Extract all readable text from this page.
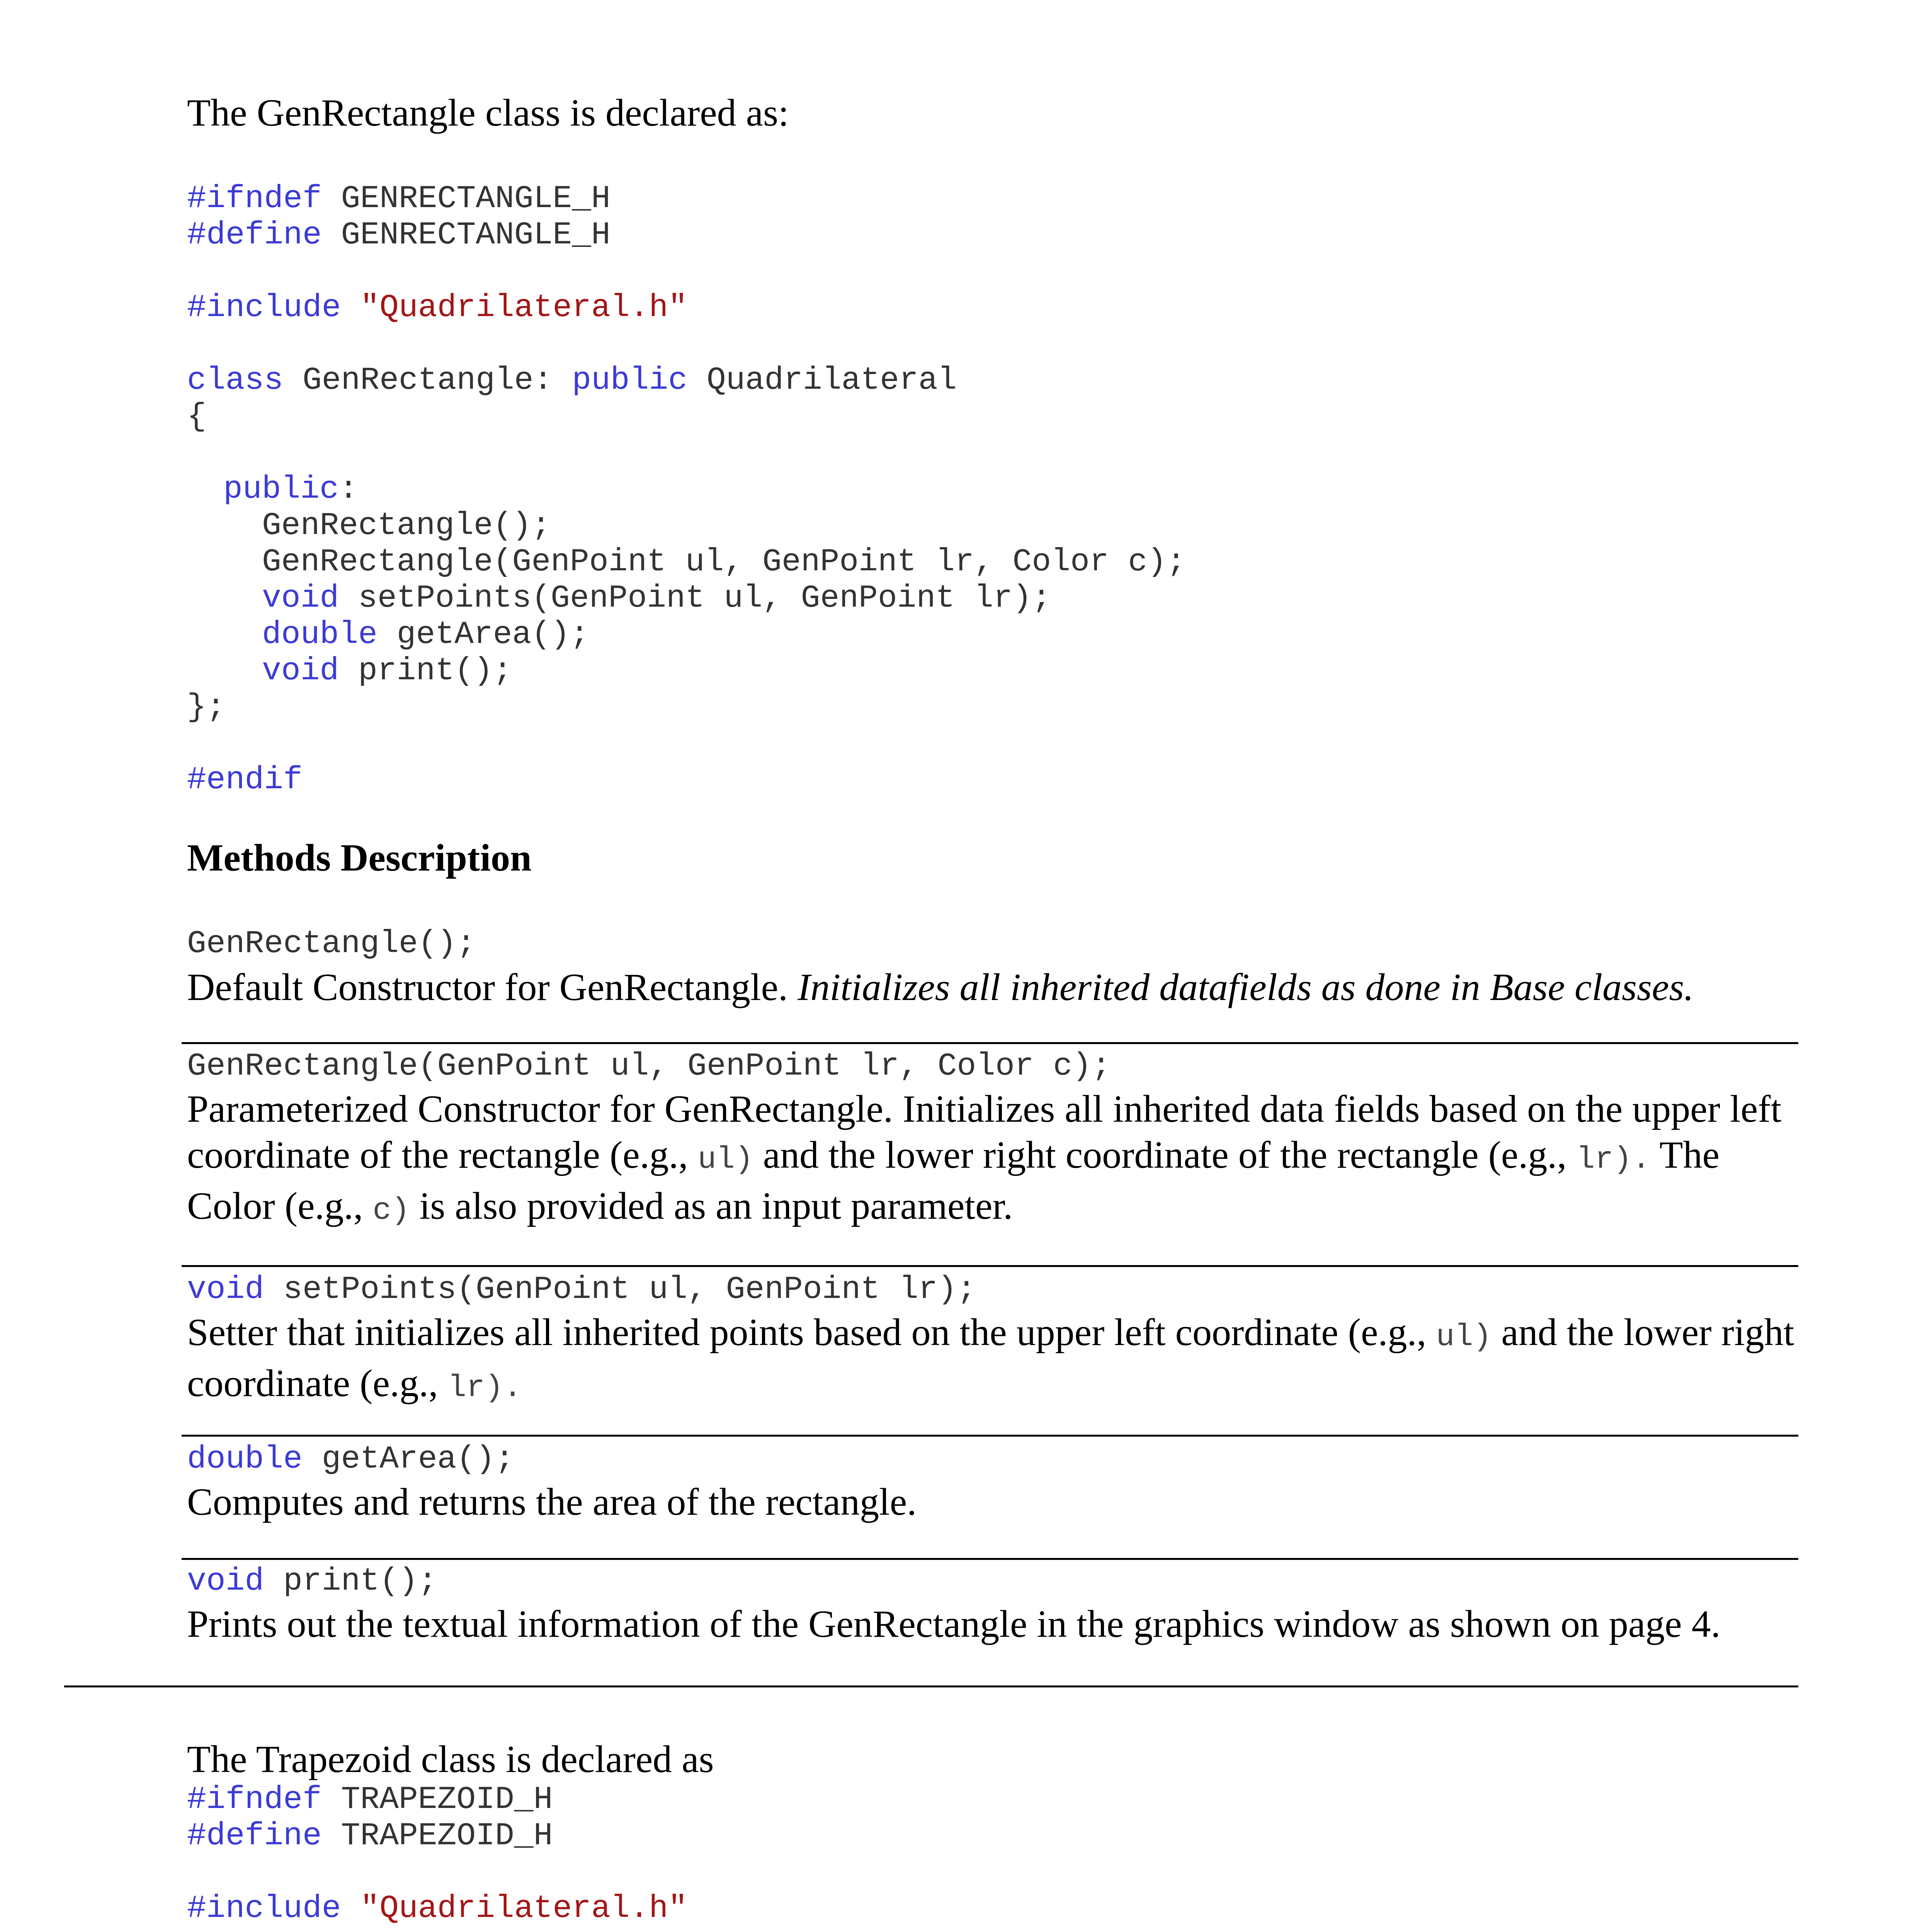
The GenRectangle class is declared as:
#ifndef GENRECTANGLE_H
#define GENRECTANGLE_H
#include "Quadrilateral.h"
class GenRectangle: public Quadrilateral
{
public:
GenRectangle();
GenRectangle(GenPoint ul, GenPoint lr, Color c);
void setPoints(GenPoint ul, GenPoint lr);
double getArea();
void print();
};
#endif
Methods Description
GenRectangle();
Default Constructor for GenRectangle. Initializes all inherited datafields as done in Base classes.
GenRectangle(GenPoint ul, GenPoint lr, Color c);
Parameterized Constructor for GenRectangle. Initializes all inherited data fields based on the upper left coordinate of the rectangle (e.g., ul) and the lower right coordinate of the rectangle (e.g., lr). The Color (e.g., c) is also provided as an input parameter.
void setPoints(GenPoint ul, GenPoint lr);
Setter that initializes all inherited points based on the upper left coordinate (e.g., ul) and the lower right coordinate (e.g., lr).
double getArea();
Computes and returns the area of the rectangle.
void print();
Prints out the textual information of the GenRectangle in the graphics window as shown on page 4.
The Trapezoid class is declared as
#ifndef TRAPEZOID_H
#define TRAPEZOID_H
#include "Quadrilateral.h"
